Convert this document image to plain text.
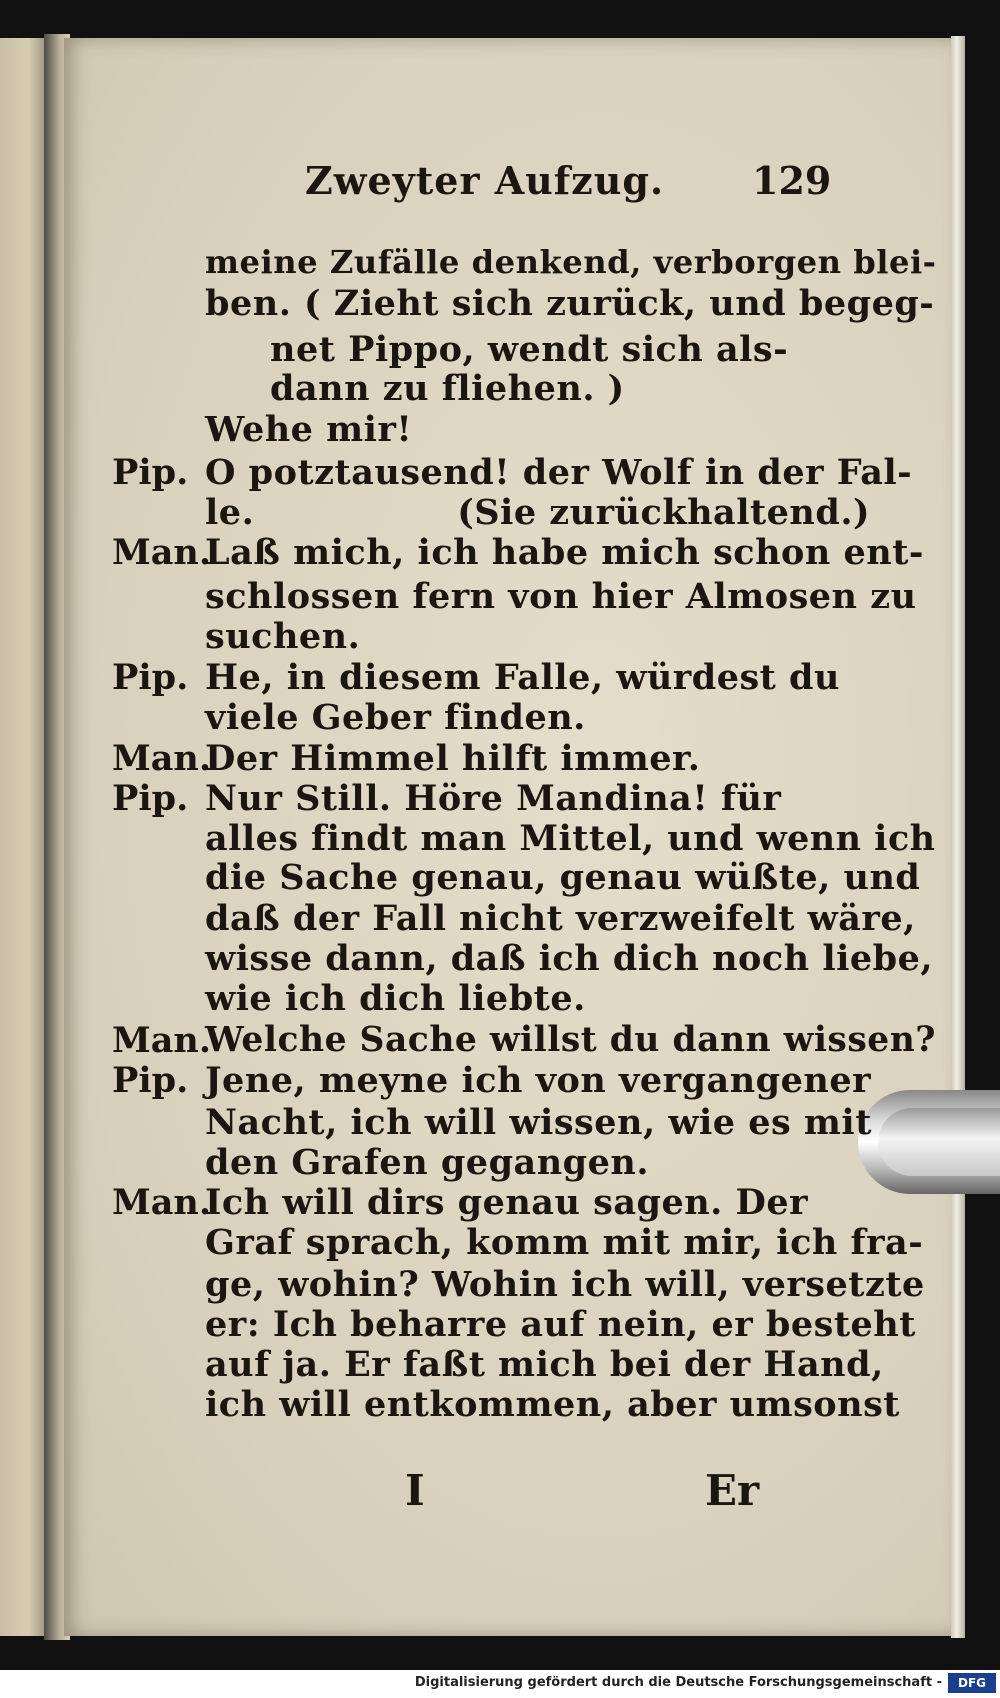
Zweyter Aufzug. 129
meine Zufälle denkend, verborgen blei-
ben. ( Zieht sich zurück, und begeg-
net Pippo, wendt sich als-
dann zu fliehen. )
Wehe mir!
Pip. O potztausend! der Wolf in der Fal-
le.                (Sie zurückhaltend.)
Man.
Laß mich, ich habe mich schon ent-
schlossen fern von hier Almosen zu
suchen.
Pip. He, in diesem Falle, würdest du
viele Geber finden.
Man.
Der Himmel hilft immer.
Pip. Nur Still. Höre Mandina! für
alles findt man Mittel, und wenn ich
die Sache genau, genau wüßte, und
daß der Fall nicht verzweifelt wäre,
wisse dann, daß ich dich noch liebe,
wie ich dich liebte.
Man.
Welche Sache willst du dann wissen?
Pip. Jene, meyne ich von vergangener
Nacht, ich will wissen, wie es mit
den Grafen gegangen.
Man.
Ich will dirs genau sagen. Der
Graf sprach, komm mit mir, ich fra-
ge, wohin? Wohin ich will, versetzte
er: Ich beharre auf nein, er besteht
auf ja. Er faßt mich bei der Hand,
ich will entkommen, aber umsonst
I	Er
Digitalisierung gefördert durch die Deutsche Forschungsgemeinschaft -	DFG
